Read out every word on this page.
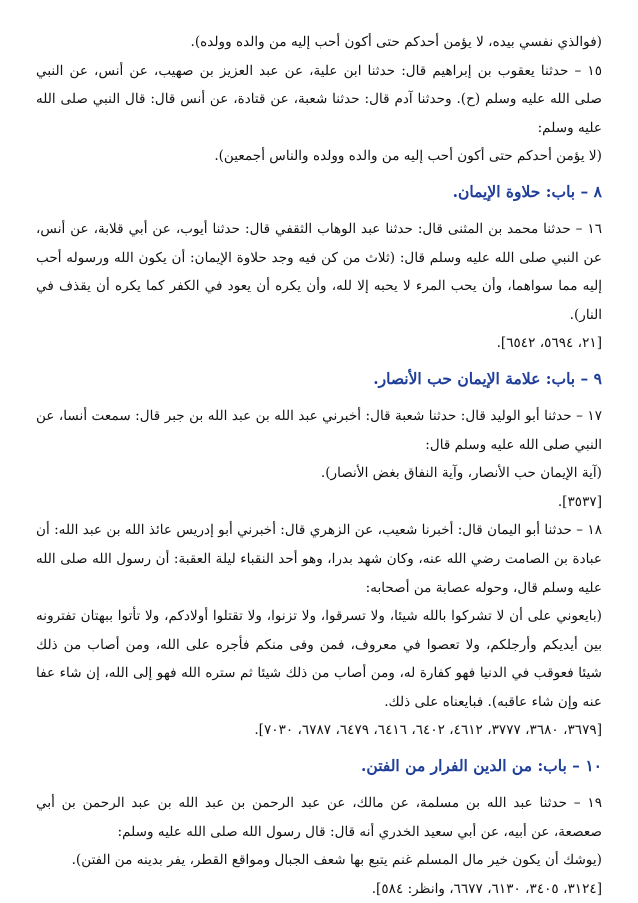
(فوالذي نفسي بيده، لا يؤمن أحدكم حتى أكون أحب إليه من والده وولده).

١٥ – حدثنا يعقوب بن إبراهيم قال: حدثنا ابن علية، عن عبد العزيز بن صهيب، عن أنس، عن النبي صلى الله عليه وسلم (ح). وحدثنا آدم قال: حدثنا شعبة، عن قتادة، عن أنس قال: قال النبي صلى الله عليه وسلم:

(لا يؤمن أحدكم حتى أكون أحب إليه من والده وولده والناس أجمعين).

٨ – باب: حلاوة الإيمان.

١٦ – حدثنا محمد بن المثنى قال: حدثنا عبد الوهاب الثقفي قال: حدثنا أيوب، عن أبي قلابة، عن أنس، عن النبي صلى الله عليه وسلم قال: (ثلاث من كن فيه وجد حلاوة الإيمان: أن يكون الله ورسوله أحب إليه مما سواهما، وأن يحب المرء لا يحبه إلا لله، وأن يكره أن يعود في الكفر كما يكره أن يقذف في النار).

[٢١، ٥٦٩٤، ٦٥٤٢].

٩ – باب: علامة الإيمان حب الأنصار.

١٧ – حدثنا أبو الوليد قال: حدثنا شعبة قال: أخبرني عبد الله بن عبد الله بن جبر قال: سمعت أنسا، عن النبي صلى الله عليه وسلم قال:

(آية الإيمان حب الأنصار، وآية النفاق بغض الأنصار).

[٣٥٣٧].

١٨ – حدثنا أبو اليمان قال: أخبرنا شعيب، عن الزهري قال: أخبرني أبو إدريس عائذ الله بن عبد الله: أن عبادة بن الصامت رضي الله عنه، وكان شهد بدرا، وهو أحد النقباء ليلة العقبة: أن رسول الله صلى الله عليه وسلم قال، وحوله عصابة من أصحابه:

(بايعوني على أن لا تشركوا بالله شيئا، ولا تسرقوا، ولا تزنوا، ولا تقتلوا أولادكم، ولا تأتوا ببهتان تفترونه بين أيديكم وأرجلكم، ولا تعصوا في معروف، فمن وفى منكم فأجره على الله، ومن أصاب من ذلك شيئا فعوقب في الدنيا فهو كفارة له، ومن أصاب من ذلك شيئا ثم ستره الله فهو إلى الله، إن شاء عفا عنه وإن شاء عاقبه). فبايعناه على ذلك.

[٣٦٧٩، ٣٦٨٠، ٣٧٧٧، ٤٦١٢، ٦٤٠٢، ٦٤١٦، ٦٤٧٩، ٦٧٨٧، ٧٠٣٠].

١٠ – باب: من الدين الفرار من الفتن.

١٩ – حدثنا عبد الله بن مسلمة، عن مالك، عن عبد الرحمن بن عبد الله بن عبد الرحمن بن أبي صعصعة، عن أبيه، عن أبي سعيد الخدري أنه قال: قال رسول الله صلى الله عليه وسلم:

(يوشك أن يكون خير مال المسلم غنم يتبع بها شعف الجبال ومواقع القطر، يفر بدينه من الفتن).

[٣١٢٤، ٣٤٠٥، ٦١٣٠، ٦٦٧٧، وانظر: ٥٨٤].
